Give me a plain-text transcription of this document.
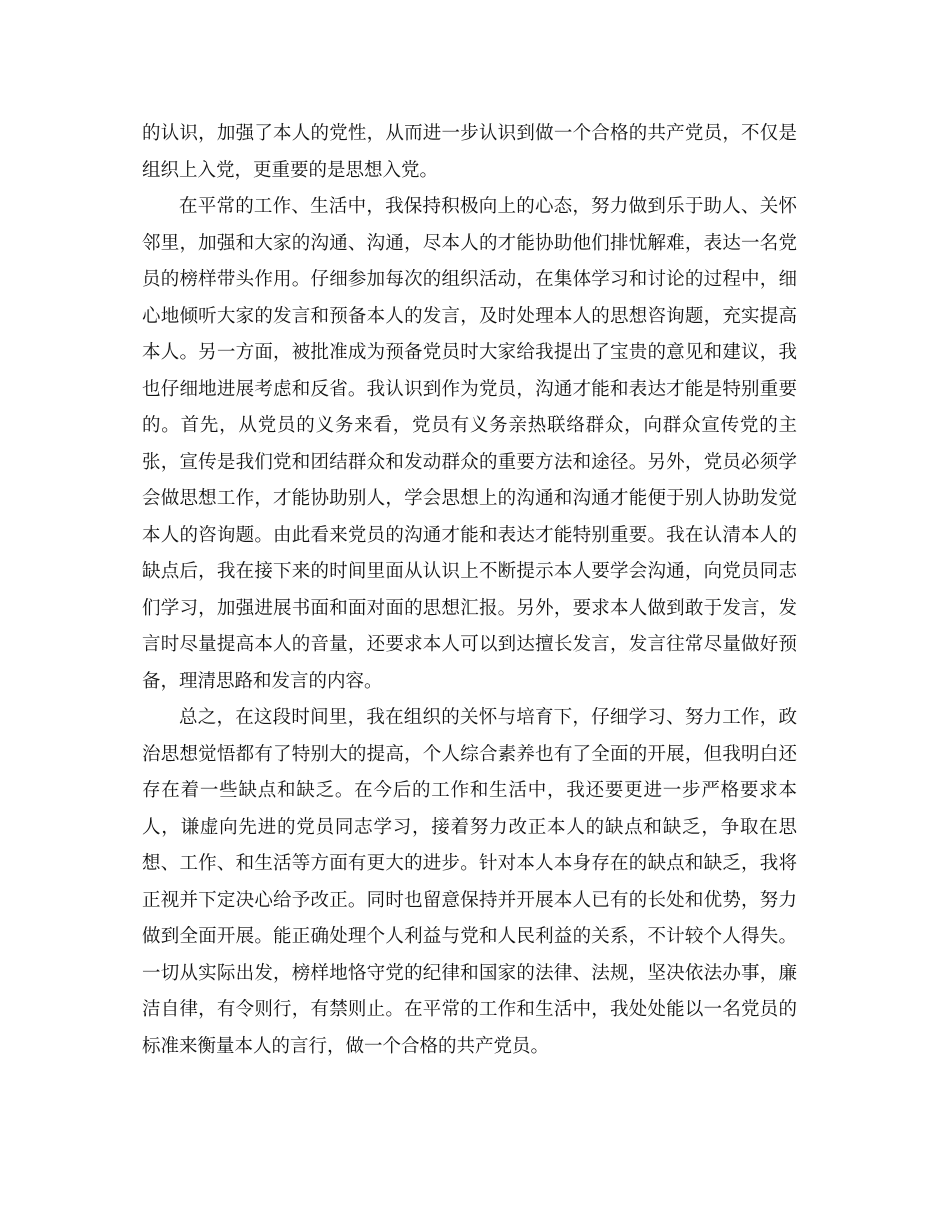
的认识，加强了本人的党性，从而进一步认识到做一个合格的共产党员，不仅是组织上入党，更重要的是思想入党。

在平常的工作、生活中，我保持积极向上的心态，努力做到乐于助人、关怀邻里，加强和大家的沟通、沟通，尽本人的才能协助他们排忧解难，表达一名党员的榜样带头作用。仔细参加每次的组织活动，在集体学习和讨论的过程中，细心地倾听大家的发言和预备本人的发言，及时处理本人的思想咨询题，充实提高本人。另一方面，被批准成为预备党员时大家给我提出了宝贵的意见和建议，我也仔细地进展考虑和反省。我认识到作为党员，沟通才能和表达才能是特别重要的。首先，从党员的义务来看，党员有义务亲热联络群众，向群众宣传党的主张，宣传是我们党和团结群众和发动群众的重要方法和途径。另外，党员必须学会做思想工作，才能协助别人，学会思想上的沟通和沟通才能便于别人协助发觉本人的咨询题。由此看来党员的沟通才能和表达才能特别重要。我在认清本人的缺点后，我在接下来的时间里面从认识上不断提示本人要学会沟通，向党员同志们学习，加强进展书面和面对面的思想汇报。另外，要求本人做到敢于发言，发言时尽量提高本人的音量，还要求本人可以到达擅长发言，发言往常尽量做好预备，理清思路和发言的内容。

总之，在这段时间里，我在组织的关怀与培育下，仔细学习、努力工作，政治思想觉悟都有了特别大的提高，个人综合素养也有了全面的开展，但我明白还存在着一些缺点和缺乏。在今后的工作和生活中，我还要更进一步严格要求本人，谦虚向先进的党员同志学习，接着努力改正本人的缺点和缺乏，争取在思想、工作、和生活等方面有更大的进步。针对本人本身存在的缺点和缺乏，我将正视并下定决心给予改正。同时也留意保持并开展本人已有的长处和优势，努力做到全面开展。能正确处理个人利益与党和人民利益的关系，不计较个人得失。一切从实际出发，榜样地恪守党的纪律和国家的法律、法规，坚决依法办事，廉洁自律，有令则行，有禁则止。在平常的工作和生活中，我处处能以一名党员的标准来衡量本人的言行，做一个合格的共产党员。
